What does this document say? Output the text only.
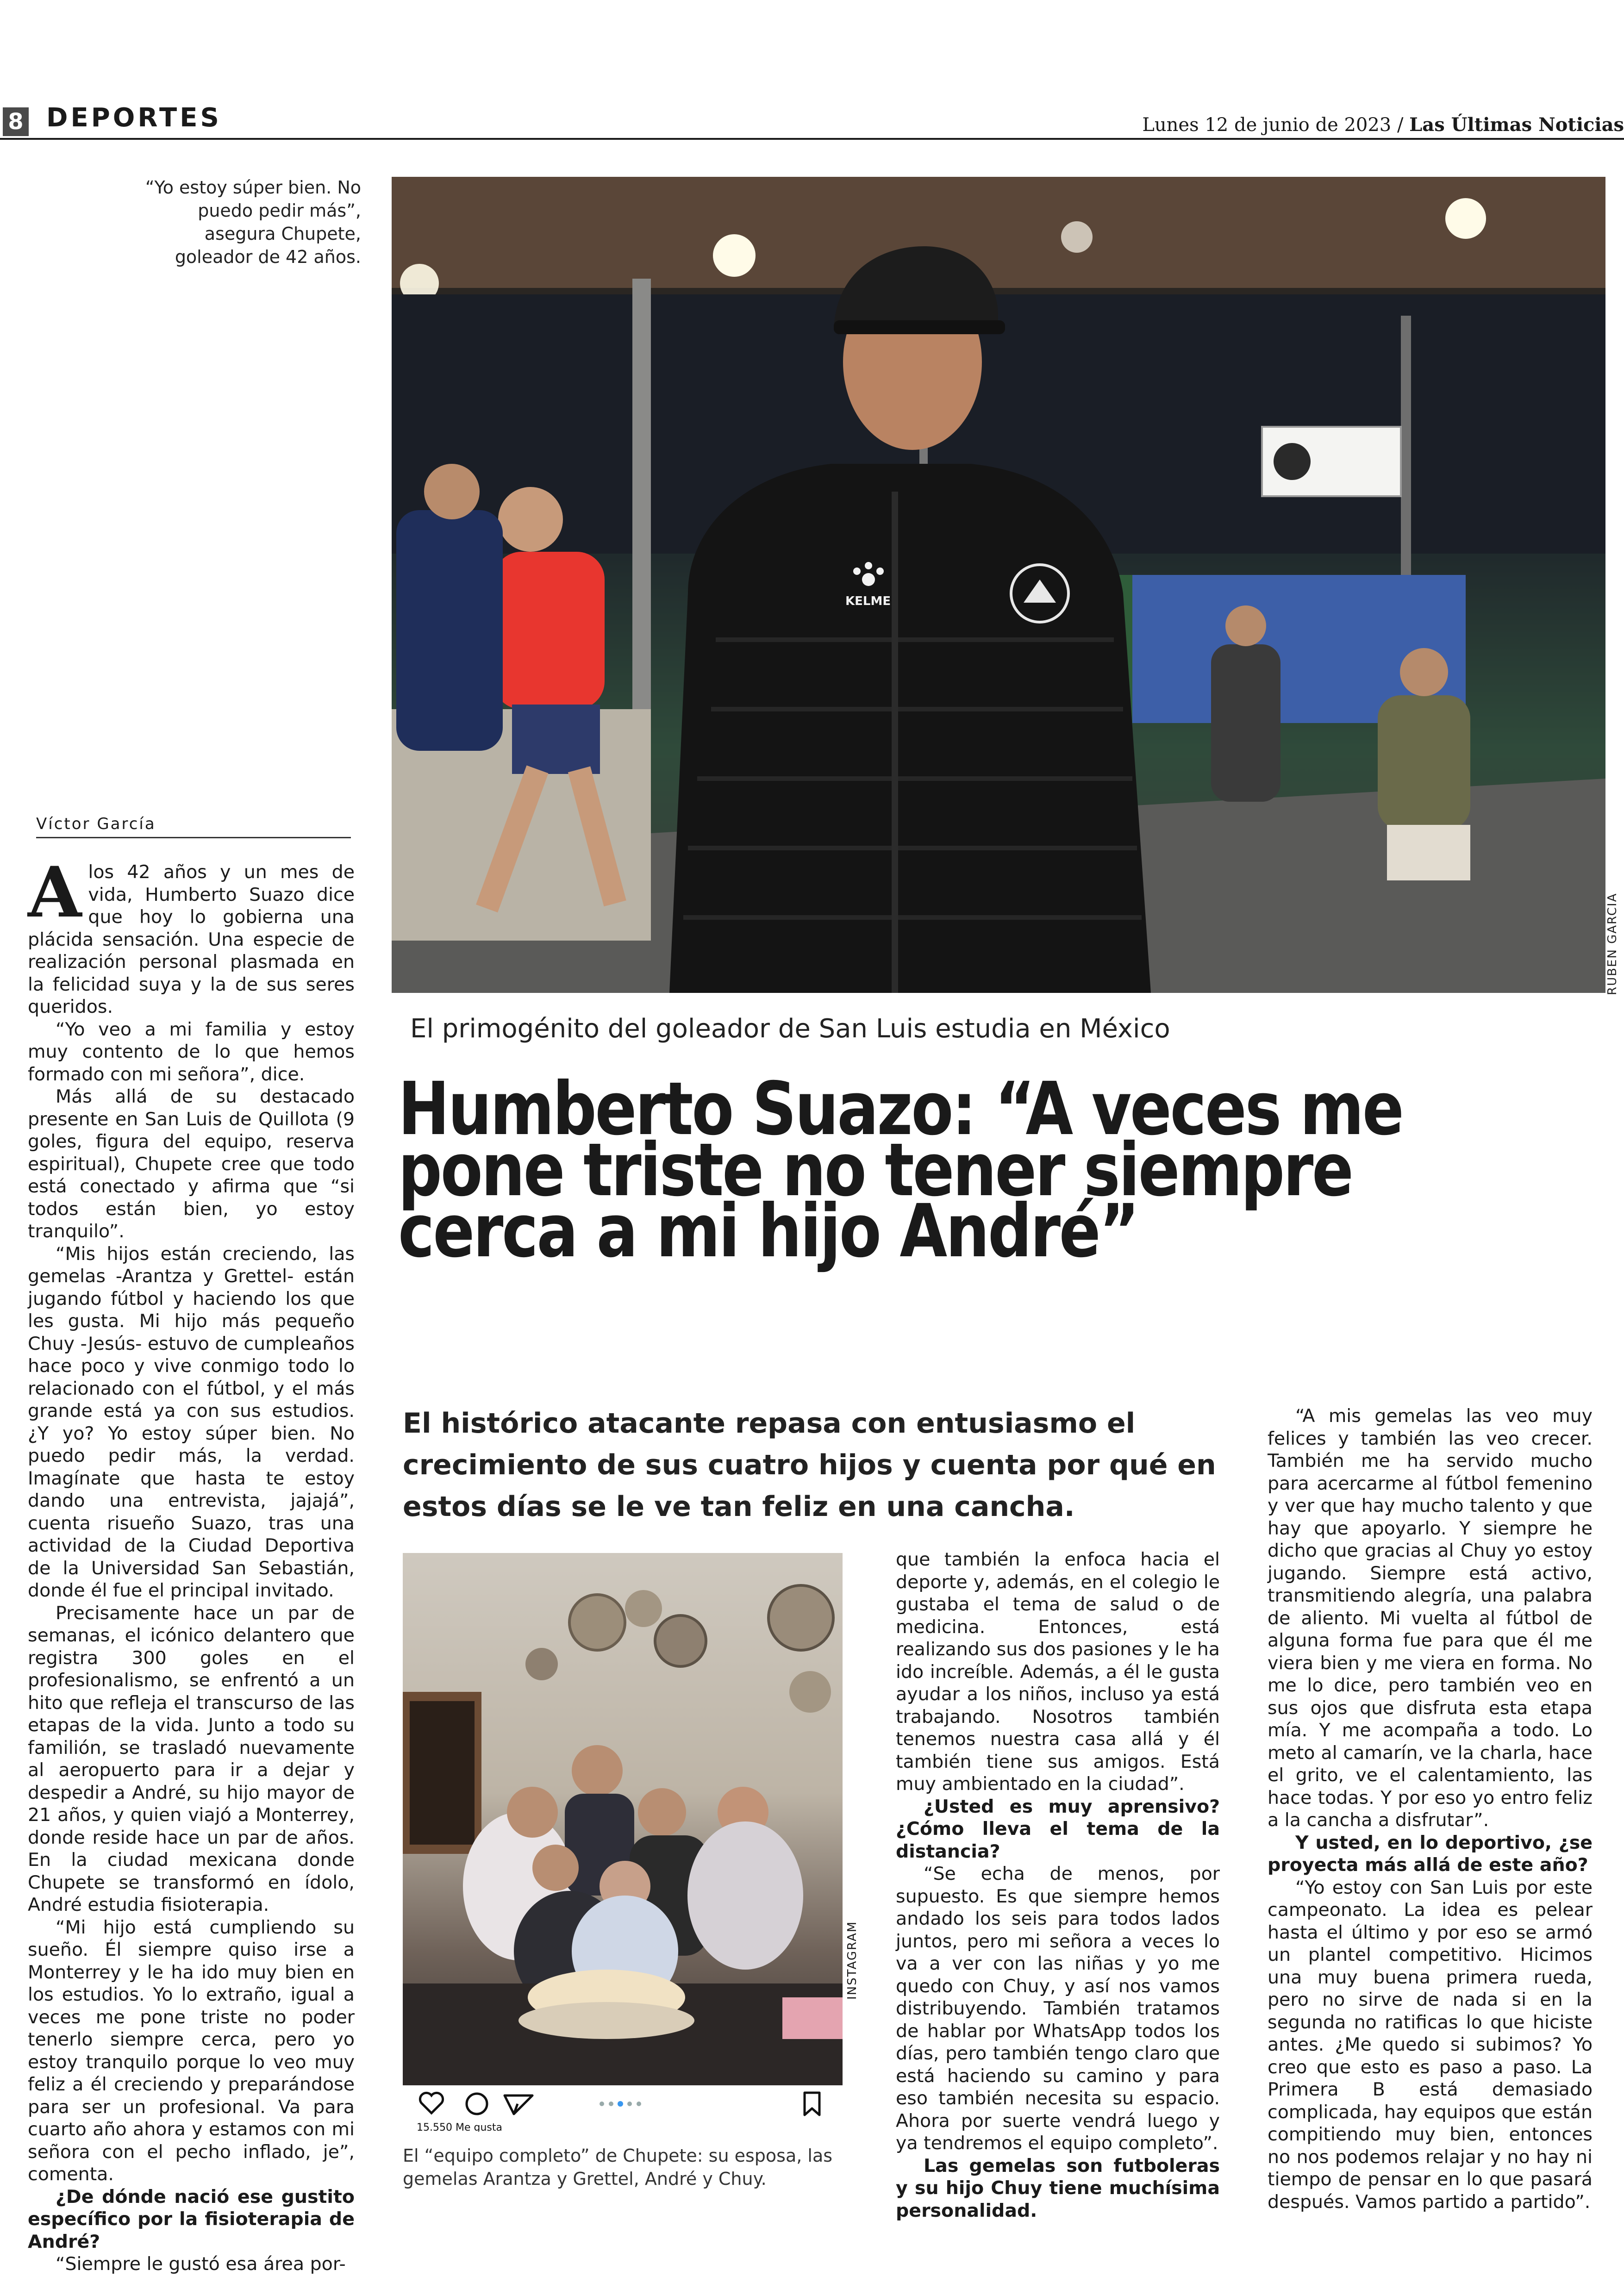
8 DEPORTES	Lunes 12 de junio de 2023 / Las Últimas Noticias
“Yo estoy súper bien. No puedo pedir más”, asegura Chupete, goleador de 42 años.
KELME
RUBEN GARCIA
El primogénito del goleador de San Luis estudia en México
Humberto Suazo: “A veces me
pone triste no tener siempre
cerca a mi hijo André”

El histórico atacante repasa con entusiasmo el crecimiento de sus cuatro hijos y cuenta por qué en estos días se le ve tan feliz en una cancha.

Víctor García
A los 42 años y un mes de vida, Humberto Suazo dice que hoy lo gobierna una plácida sensación. Una especie de realización personal plasmada en la felicidad suya y la de sus seres queridos.

“Yo veo a mi familia y estoy muy contento de lo que hemos formado con mi señora”, dice.

Más allá de su destacado presente en San Luis de Quillota (9 goles, figura del equipo, reserva espiritual), Chupete cree que todo está conectado y afirma que “si todos están bien, yo estoy tranquilo”.

“Mis hijos están creciendo, las gemelas -Arantza y Grettel- están jugando fútbol y haciendo los que les gusta. Mi hijo más pequeño Chuy -Jesús- estuvo de cumpleaños hace poco y vive conmigo todo lo relacionado con el fútbol, y el más grande está ya con sus estudios. ¿Y yo? Yo estoy súper bien. No puedo pedir más, la verdad. Imagínate que hasta te estoy dando una entrevista, jajajá”, cuenta risueño Suazo, tras una actividad de la Ciudad Deportiva de la Universidad San Sebastián, donde él fue el principal invitado.

Precisamente hace un par de semanas, el icónico delantero que registra 300 goles en el profesionalismo, se enfrentó a un hito que refleja el transcurso de las etapas de la vida. Junto a todo su familión, se trasladó nuevamente al aeropuerto para ir a dejar y despedir a André, su hijo mayor de 21 años, y quien viajó a Monterrey, donde reside hace un par de años. En la ciudad mexicana donde Chupete se transformó en ídolo, André estudia fisioterapia.

“Mi hijo está cumpliendo su sueño. Él siempre quiso irse a Monterrey y le ha ido muy bien en los estudios. Yo lo extraño, igual a veces me pone triste no poder tenerlo siempre cerca, pero yo estoy tranquilo porque lo veo muy feliz a él creciendo y preparándose para ser un profesional. Va para cuarto año ahora y estamos con mi señora con el pecho inflado, je”, comenta.

¿De dónde nació ese gustito específico por la fisioterapia de André?

“Siempre le gustó esa área por-

15.550 Me gusta
INSTAGRAM

El “equipo completo” de Chupete: su esposa, las gemelas Arantza y Grettel, André y Chuy.

que también la enfoca hacia el deporte y, además, en el colegio le gustaba el tema de salud o de medicina. Entonces, está realizando sus dos pasiones y le ha ido increíble. Además, a él le gusta ayudar a los niños, incluso ya está trabajando. Nosotros también tenemos nuestra casa allá y él también tiene sus amigos. Está muy ambientado en la ciudad”.

¿Usted es muy aprensivo? ¿Cómo lleva el tema de la distancia?

“Se echa de menos, por supuesto. Es que siempre hemos andado los seis para todos lados juntos, pero mi señora a veces lo va a ver con las niñas y yo me quedo con Chuy, y así nos vamos distribuyendo. También tratamos de hablar por WhatsApp todos los días, pero también tengo claro que está haciendo su camino y para eso también necesita su espacio. Ahora por suerte vendrá luego y ya tendremos el equipo completo”.

Las gemelas son futboleras y su hijo Chuy tiene muchísima personalidad.

“A mis gemelas las veo muy felices y también las veo crecer. También me ha servido mucho para acercarme al fútbol femenino y ver que hay mucho talento y que hay que apoyarlo. Y siempre he dicho que gracias al Chuy yo estoy jugando. Siempre está activo, transmitiendo alegría, una palabra de aliento. Mi vuelta al fútbol de alguna forma fue para que él me viera bien y me viera en forma. No me lo dice, pero también veo en sus ojos que disfruta esta etapa mía. Y me acompaña a todo. Lo meto al camarín, ve la charla, hace el grito, ve el calentamiento, las hace todas. Y por eso yo entro feliz a la cancha a disfrutar”.

Y usted, en lo deportivo, ¿se proyecta más allá de este año?

“Yo estoy con San Luis por este campeonato. La idea es pelear hasta el último y por eso se armó un plantel competitivo. Hicimos una muy buena primera rueda, pero no sirve de nada si en la segunda no ratificas lo que hiciste antes. ¿Me quedo si subimos? Yo creo que esto es paso a paso. La Primera B está demasiado complicada, hay equipos que están compitiendo muy bien, entonces no nos podemos relajar y no hay ni tiempo de pensar en lo que pasará después. Vamos partido a partido”.
